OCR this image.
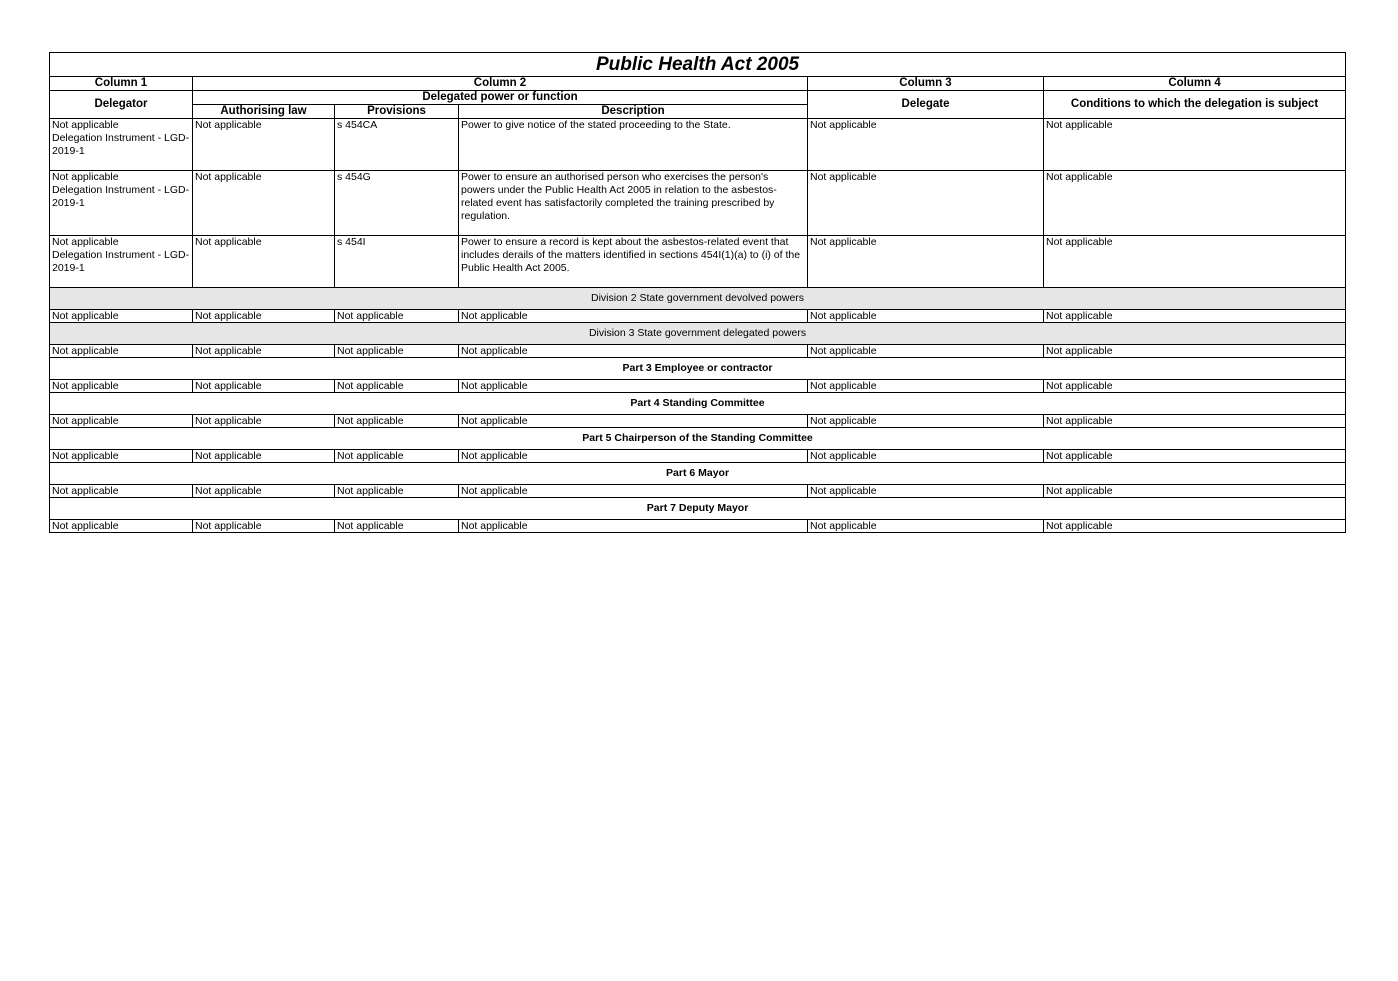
Public Health Act 2005					
Column 1	Column 2			Column 3	Column 4
Delegator	Delegated power or function			Delegate	Conditions to which the delegation is subject
	Authorising law	Provisions	Description		
Not applicable
Delegation Instrument - LGD-2019-1	Not applicable	s 454CA	Power to give notice of the stated proceeding to the State.	Not applicable	Not applicable
Not applicable
Delegation Instrument - LGD-2019-1	Not applicable	s 454G	Power to ensure an authorised person who exercises the person's powers under the Public Health Act 2005 in relation to the asbestos-related event has satisfactorily completed the training prescribed by regulation.	Not applicable	Not applicable
Not applicable
Delegation Instrument - LGD-2019-1	Not applicable	s 454I	Power to ensure a record is kept about the asbestos-related event that includes derails of the matters identified in sections 454I(1)(a) to (i) of the Public Health Act 2005.	Not applicable	Not applicable
Division 2 State government devolved powers					
Not applicable	Not applicable	Not applicable	Not applicable	Not applicable	Not applicable
Division 3 State government delegated powers					
Not applicable	Not applicable	Not applicable	Not applicable	Not applicable	Not applicable
Part 3 Employee or contractor					
Not applicable	Not applicable	Not applicable	Not applicable	Not applicable	Not applicable
Part 4 Standing Committee					
Not applicable	Not applicable	Not applicable	Not applicable	Not applicable	Not applicable
Part 5 Chairperson of the Standing Committee					
Not applicable	Not applicable	Not applicable	Not applicable	Not applicable	Not applicable
Part 6 Mayor					
Not applicable	Not applicable	Not applicable	Not applicable	Not applicable	Not applicable
Part 7 Deputy Mayor					
Not applicable	Not applicable	Not applicable	Not applicable	Not applicable	Not applicable
